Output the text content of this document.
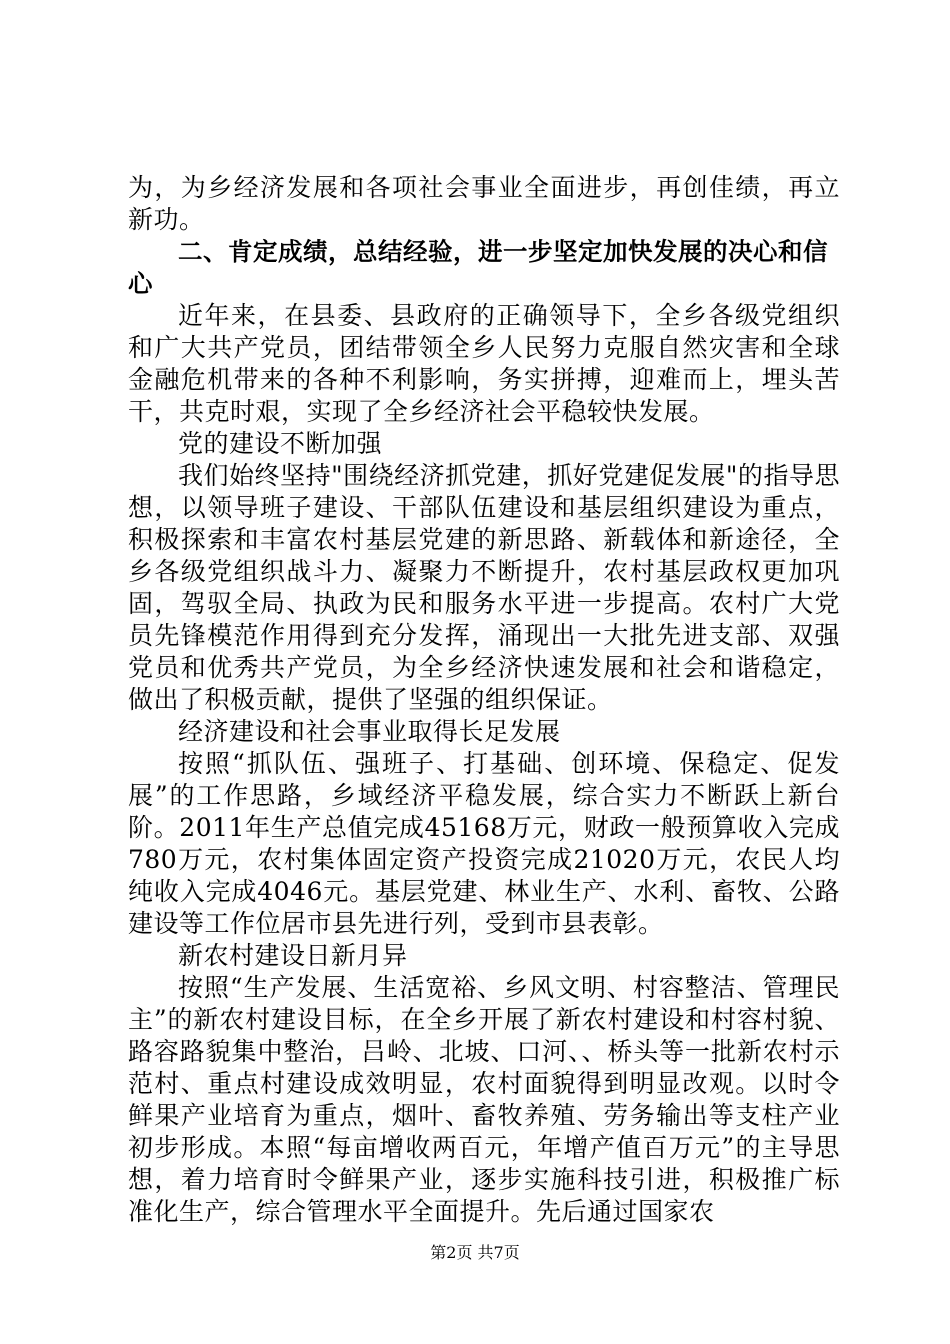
为，为乡经济发展和各项社会事业全面进步，再创佳绩，再立新功。

二、肯定成绩，总结经验，进一步坚定加快发展的决心和信心

近年来，在县委、县政府的正确领导下，全乡各级党组织和广大共产党员，团结带领全乡人民努力克服自然灾害和全球金融危机带来的各种不利影响，务实拼搏，迎难而上，埋头苦干，共克时艰，实现了全乡经济社会平稳较快发展。

党的建设不断加强

我们始终坚持"围绕经济抓党建，抓好党建促发展"的指导思想，以领导班子建设、干部队伍建设和基层组织建设为重点，积极探索和丰富农村基层党建的新思路、新载体和新途径，全乡各级党组织战斗力、凝聚力不断提升，农村基层政权更加巩固，驾驭全局、执政为民和服务水平进一步提高。农村广大党员先锋模范作用得到充分发挥，涌现出一大批先进支部、双强党员和优秀共产党员，为全乡经济快速发展和社会和谐稳定，做出了积极贡献，提供了坚强的组织保证。

经济建设和社会事业取得长足发展

按照“抓队伍、强班子、打基础、创环境、保稳定、促发展”的工作思路，乡域经济平稳发展，综合实力不断跃上新台阶。2011年生产总值完成45168万元，财政一般预算收入完成780万元，农村集体固定资产投资完成21020万元，农民人均纯收入完成4046元。基层党建、林业生产、水利、畜牧、公路建设等工作位居市县先进行列，受到市县表彰。

新农村建设日新月异

按照“生产发展、生活宽裕、乡风文明、村容整洁、管理民主”的新农村建设目标，在全乡开展了新农村建设和村容村貌、路容路貌集中整治，吕岭、北坡、口河、、桥头等一批新农村示范村、重点村建设成效明显，农村面貌得到明显改观。以时令鲜果产业培育为重点，烟叶、畜牧养殖、劳务输出等支柱产业初步形成。本照“每亩增收两百元，年增产值百万元”的主导思想，着力培育时令鲜果产业，逐步实施科技引进，积极推广标准化生产，综合管理水平全面提升。先后通过国家农

第2页 共7页
